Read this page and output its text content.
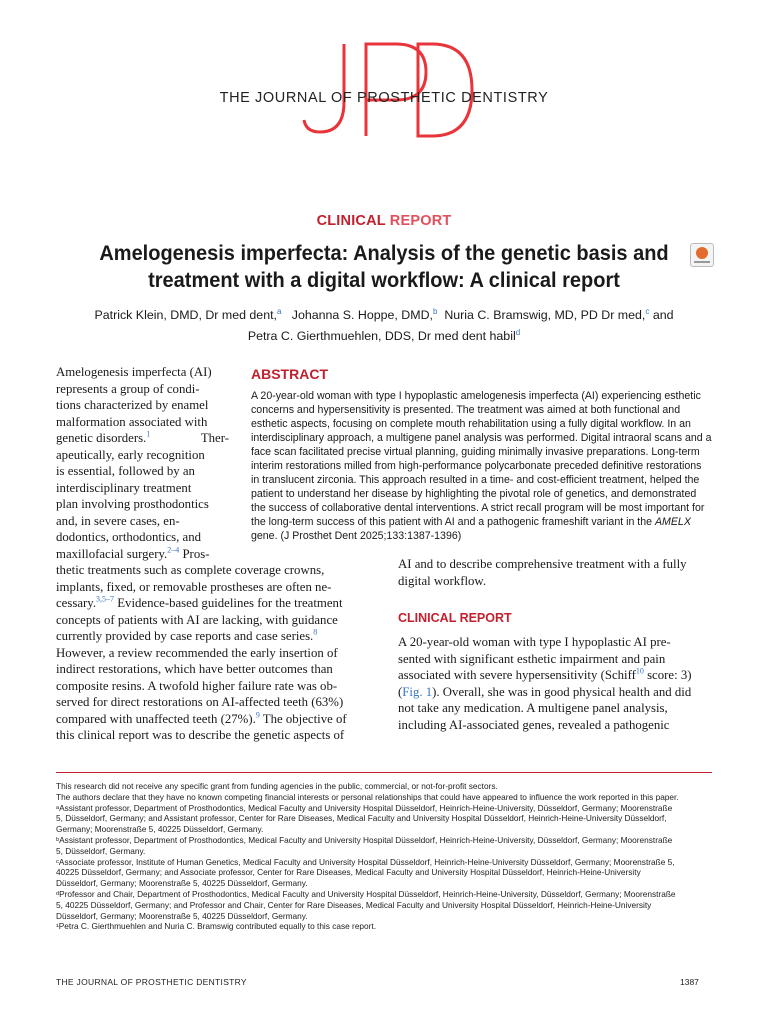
THE JOURNAL OF PROSTHETIC DENTISTRY
CLINICAL REPORT
Amelogenesis imperfecta: Analysis of the genetic basis and
treatment with a digital workflow: A clinical report
Patrick Klein, DMD, Dr med dent,$^a$ Johanna S. Hoppe, DMD,$^b$ Nuria C. Bramswig, MD, PD Dr med,$^c$ and
Petra C. Gierthmuehlen, DDS, Dr med dent habil$^d$
Amelogenesis imperfecta (AI)
represents a group of condi-
tions characterized by enamel
malformation associated with
genetic disorders.$^1$	Ther-
apeutically, early recognition
is essential, followed by an
interdisciplinary treatment
plan involving prosthodontics
and, in severe cases, en-
dodontics, orthodontics, and
maxillofacial surgery.$^{2-4}$ Pros-
ABSTRACT
A 20-year-old woman with type I hypoplastic amelogenesis imperfecta (AI) experiencing esthetic
concerns and hypersensitivity is presented. The treatment was aimed at both functional and
esthetic aspects, focusing on complete mouth rehabilitation using a fully digital workflow. In an
interdisciplinary approach, a multigene panel analysis was performed. Digital intraoral scans and a
face scan facilitated precise virtual planning, guiding minimally invasive preparations. Long-term
interim restorations milled from high-performance polycarbonate preceded definitive restorations
in translucent zirconia. This approach resulted in a time- and cost-efficient treatment, helped the
patient to understand her disease by highlighting the pivotal role of genetics, and demonstrated
the success of collaborative dental interventions. A strict recall program will be most important for
the long-term success of this patient with AI and a pathogenic frameshift variant in the AMELX
gene. (J Prosthet Dent 2025;133:1387-1396)
thetic treatments such as complete coverage crowns,
implants, fixed, or removable prostheses are often ne-
cessary.$^{3,5-7}$ Evidence-based guidelines for the treatment
concepts of patients with AI are lacking, with guidance
currently provided by case reports and case series.$^8$
However, a review recommended the early insertion of
indirect restorations, which have better outcomes than
composite resins. A twofold higher failure rate was ob-
served for direct restorations on AI-affected teeth (63%)
compared with unaffected teeth (27%).$^9$ The objective of
this clinical report was to describe the genetic aspects of
AI and to describe comprehensive treatment with a fully
digital workflow.
CLINICAL REPORT
A 20-year-old woman with type I hypoplastic AI pre-
sented with significant esthetic impairment and pain
associated with severe hypersensitivity (Schiff$^{10}$ score: 3)
(Fig. 1). Overall, she was in good physical health and did
not take any medication. A multigene panel analysis,
including AI-associated genes, revealed a pathogenic
This research did not receive any specific grant from funding agencies in the public, commercial, or not-for-profit sectors.
The authors declare that they have no known competing financial interests or personal relationships that could have appeared to influence the work reported in this paper.
ᵃAssistant professor, Department of Prosthodontics, Medical Faculty and University Hospital Düsseldorf, Heinrich-Heine-University, Düsseldorf, Germany; Moorenstraße
5, Düsseldorf, Germany; and Assistant professor, Center for Rare Diseases, Medical Faculty and University Hospital Düsseldorf, Heinrich-Heine-University Düsseldorf,
Germany; Moorenstraße 5, 40225 Düsseldorf, Germany.
ᵇAssistant professor, Department of Prosthodontics, Medical Faculty and University Hospital Düsseldorf, Heinrich-Heine-University, Düsseldorf, Germany; Moorenstraße
5, Düsseldorf, Germany.
ᶜAssociate professor, Institute of Human Genetics, Medical Faculty and University Hospital Düsseldorf, Heinrich-Heine-University Düsseldorf, Germany; Moorenstraße 5,
40225 Düsseldorf, Germany; and Associate professor, Center for Rare Diseases, Medical Faculty and University Hospital Düsseldorf, Heinrich-Heine-University
Düsseldorf, Germany; Moorenstraße 5, 40225 Düsseldorf, Germany.
ᵈProfessor and Chair, Department of Prosthodontics, Medical Faculty and University Hospital Düsseldorf, Heinrich-Heine-University, Düsseldorf, Germany; Moorenstraße
5, 40225 Düsseldorf, Germany; and Professor and Chair, Center for Rare Diseases, Medical Faculty and University Hospital Düsseldorf, Heinrich-Heine-University
Düsseldorf, Germany; Moorenstraße 5, 40225 Düsseldorf, Germany.
¹Petra C. Gierthmuehlen and Nuria C. Bramswig contributed equally to this case report.
THE JOURNAL OF PROSTHETIC DENTISTRY	1387
